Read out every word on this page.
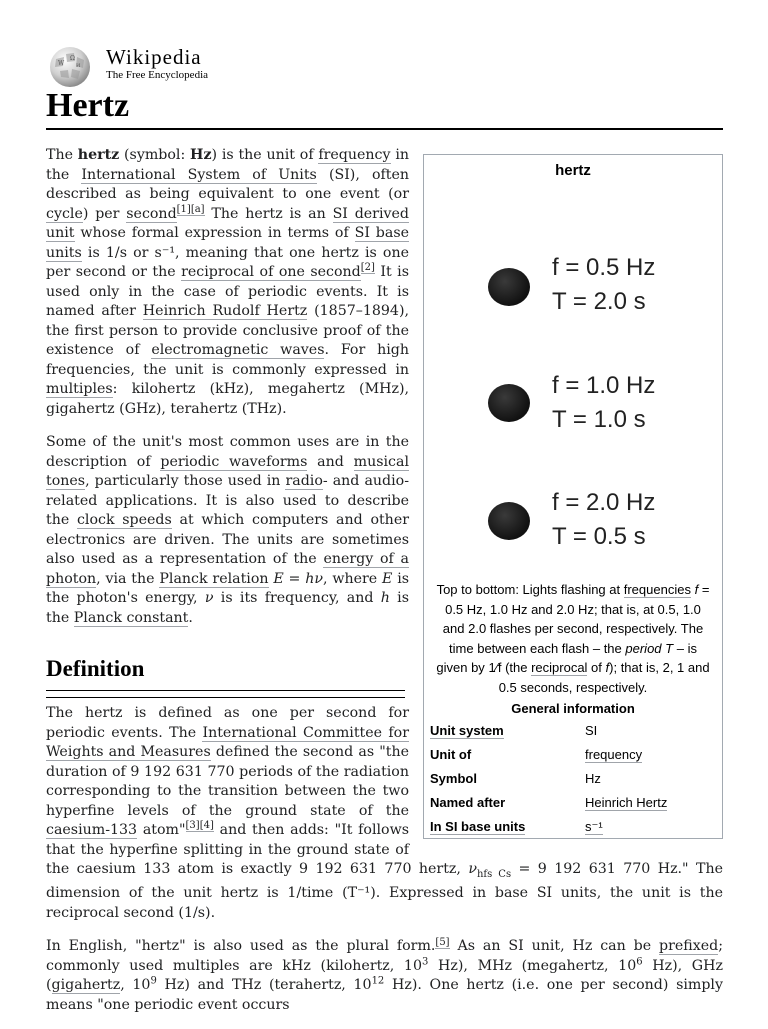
W
Ω
И Wikipedia
The Free Encyclopedia
Hertz
hertz
f = 0.5 Hz
T = 2.0 s
f = 1.0 Hz
T = 1.0 s
f = 2.0 Hz
T = 0.5 s
Top to bottom: Lights flashing at frequencies f = 0.5 Hz, 1.0 Hz and 2.0 Hz; that is, at 0.5, 1.0 and 2.0 flashes per second, respectively. The time between each flash – the period T – is given by 1⁄f (the reciprocal of f); that is, 2, 1 and 0.5 seconds, respectively.
General information
Unit system	SI
Unit of	frequency
Symbol	Hz
Named after	Heinrich Hertz
In SI base units	s⁻¹

The hertz (symbol: Hz) is the unit of frequency in the International System of Units (SI), often described as being equivalent to one event (or cycle) per second[1][a] The hertz is an SI derived unit whose formal expression in terms of SI base units is 1/s or s⁻¹, meaning that one hertz is one per second or the reciprocal of one second[2] It is used only in the case of periodic events. It is named after Heinrich Rudolf Hertz (1857–1894), the first person to provide conclusive proof of the existence of electromagnetic waves. For high frequencies, the unit is commonly expressed in multiples: kilohertz (kHz), megahertz (MHz), gigahertz (GHz), terahertz (THz).

Some of the unit's most common uses are in the description of periodic waveforms and musical tones, particularly those used in radio- and audio-related applications. It is also used to describe the clock speeds at which computers and other electronics are driven. The units are sometimes also used as a representation of the energy of a photon, via the Planck relation E = hν, where E is the photon's energy, ν is its frequency, and h is the Planck constant.

Definition

The hertz is defined as one per second for periodic events. The International Committee for Weights and Measures defined the second as "the duration of 9 192 631 770 periods of the radiation corresponding to the transition between the two hyperfine levels of the ground state of the caesium-133 atom"[3][4] and then adds: "It follows that the hyperfine splitting in the ground state of the caesium 133 atom is exactly 9 192 631 770 hertz, $\nu_{hfs Cs} = 9$ 192 631 770 Hz." The dimension of the unit hertz is 1/time (T⁻¹). Expressed in base SI units, the unit is the reciprocal second (1/s).

In English, "hertz" is also used as the plural form.[5] As an SI unit, Hz can be prefixed; commonly used multiples are kHz (kilohertz, $10^3$ Hz), MHz (megahertz, $10^6$ Hz), GHz (gigahertz, $10^9$ Hz) and THz (terahertz, $10^{12}$ Hz). One hertz (i.e. one per second) simply means "one periodic event occurs
